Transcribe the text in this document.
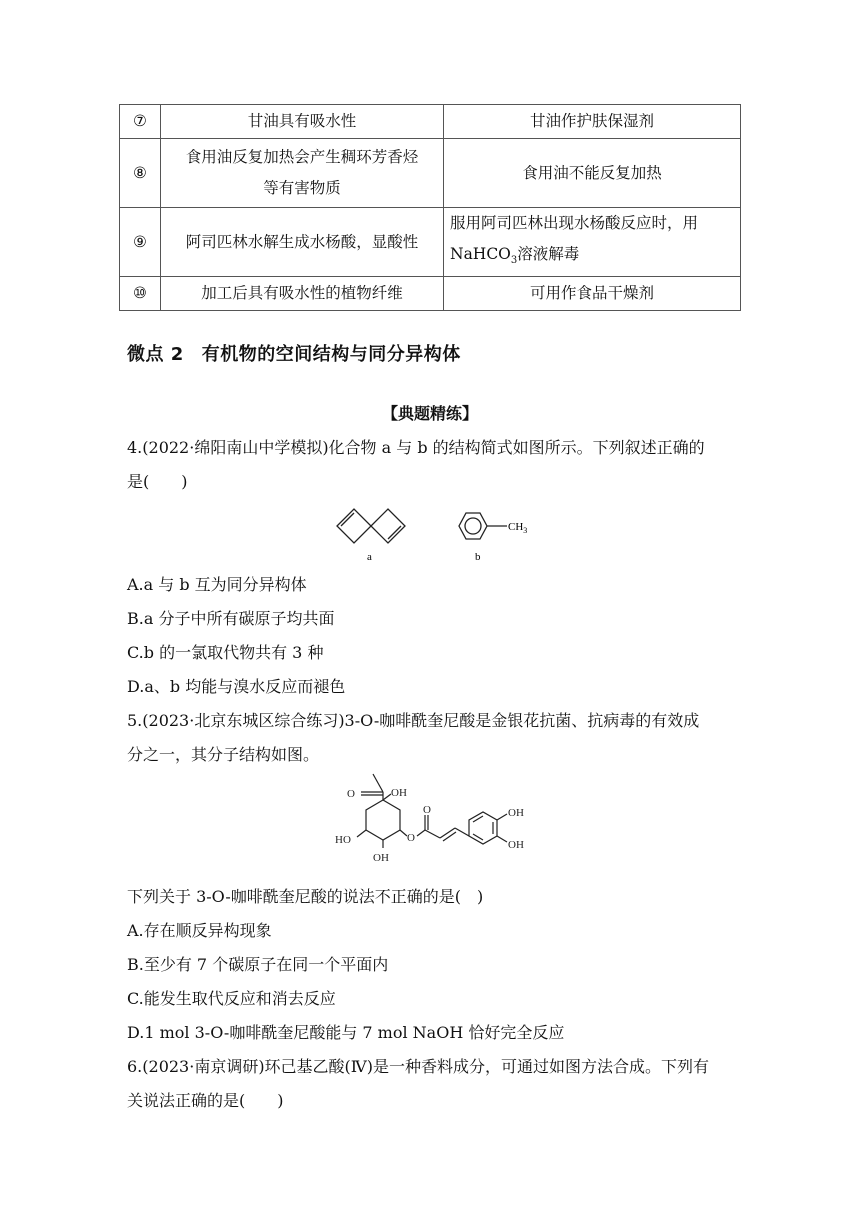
⑦	甘油具有吸水性	甘油作护肤保湿剂
⑧	食用油反复加热会产生稠环芳香烃
等有害物质	食用油不能反复加热
⑨	阿司匹林水解生成水杨酸，显酸性	服用阿司匹林出现水杨酸反应时，用
NaHCO$_3$溶液解毒

⑩	加工后具有吸水性的植物纤维	可用作食品干燥剂
微点 2 有机物的空间结构与同分异构体
【典题精练】
4.(2022·绵阳南山中学模拟)化合物 a 与 b 的结构简式如图所示。下列叙述正确的
是(　　)
a
$CH_3$
b
A.a 与 b 互为同分异构体
B.a 分子中所有碳原子均共面
C.b 的一氯取代物共有 3 种
D.a、b 均能与溴水反应而褪色
5.(2023·北京东城区综合练习)3-O-咖啡酰奎尼酸是金银花抗菌、抗病毒的有效成
分之一，其分子结构如图。
O	OH
HO
OH
O
O	OH
OH
下列关于 3-O-咖啡酰奎尼酸的说法不正确的是(　)
A.存在顺反异构现象
B.至少有 7 个碳原子在同一个平面内
C.能发生取代反应和消去反应
D.1 mol 3-O-咖啡酰奎尼酸能与 7 mol NaOH 恰好完全反应
6.(2023·南京调研)环己基乙酸(Ⅳ)是一种香料成分，可通过如图方法合成。下列有
关说法正确的是(　　)
